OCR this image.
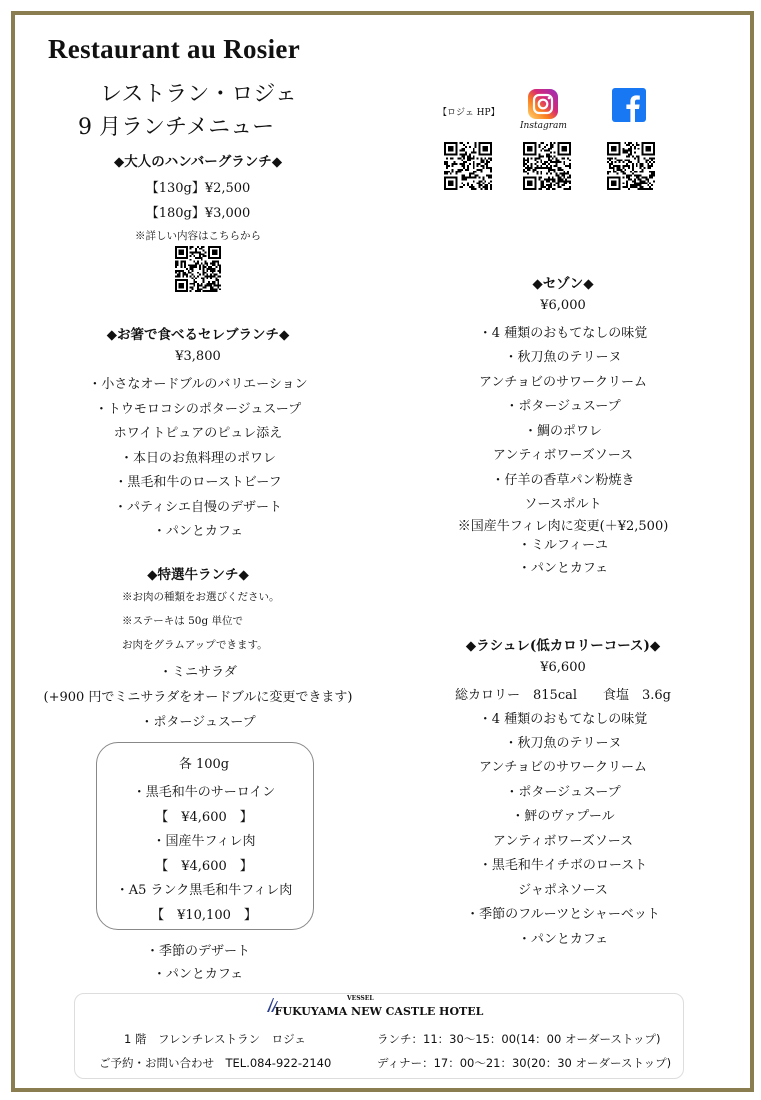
Restaurant au Rosier
レストラン・ロジェ
9 月ランチメニュー
【ロジェ HP】
Instagram
◆大人のハンバーグランチ◆
【130g】¥2,500
【180g】¥3,000
※詳しい内容はこちらから
◆お箸で食べるセレブランチ◆
¥3,800
・小さなオードブルのバリエーション
・トウモロコシのポタージュスープ
ホワイトピュアのピュレ添え
・本日のお魚料理のポワレ
・黒毛和牛のローストビーフ
・パティシエ自慢のデザート
・パンとカフェ
◆特選牛ランチ◆
※お肉の種類をお選びください。
※ステーキは 50g 単位で
お肉をグラムアップできます。
・ミニサラダ
(+900 円でミニサラダをオードブルに変更できます)
・ポタージュスープ
各 100g
・黒毛和牛のサーロイン
【　¥4,600　】
・国産牛フィレ肉
【　¥4,600　】
・A5 ランク黒毛和牛フィレ肉
【　¥10,100　】
・季節のデザート
・パンとカフェ
◆セゾン◆
¥6,000
・4 種類のおもてなしの味覚
・秋刀魚のテリーヌ
アンチョビのサワークリーム
・ポタージュスープ
・鯛のポワレ
アンティボワーズソース
・仔羊の香草パン粉焼き
ソースポルト
※国産牛フィレ肉に変更(＋¥2,500)
・ミルフィーユ
・パンとカフェ
◆ラシュレ(低カロリーコース)◆
¥6,600
総カロリー　815cal　　食塩　3.6g
・4 種類のおもてなしの味覚
・秋刀魚のテリーヌ
アンチョビのサワークリーム
・ポタージュスープ
・鮃のヴァプール
アンティボワーズソース
・黒毛和牛イチボのロースト
ジャポネソース
・季節のフルーツとシャーベット
・パンとカフェ
VESSEL
FUKUYAMA NEW CASTLE HOTEL
1 階　フレンチレストラン　ロジェ
ご予約・お問い合わせ　TEL.084-922-2140
ランチ：11：30～15：00(14：00 オーダーストップ)
ディナー：17：00～21：30(20：30 オーダーストップ)
